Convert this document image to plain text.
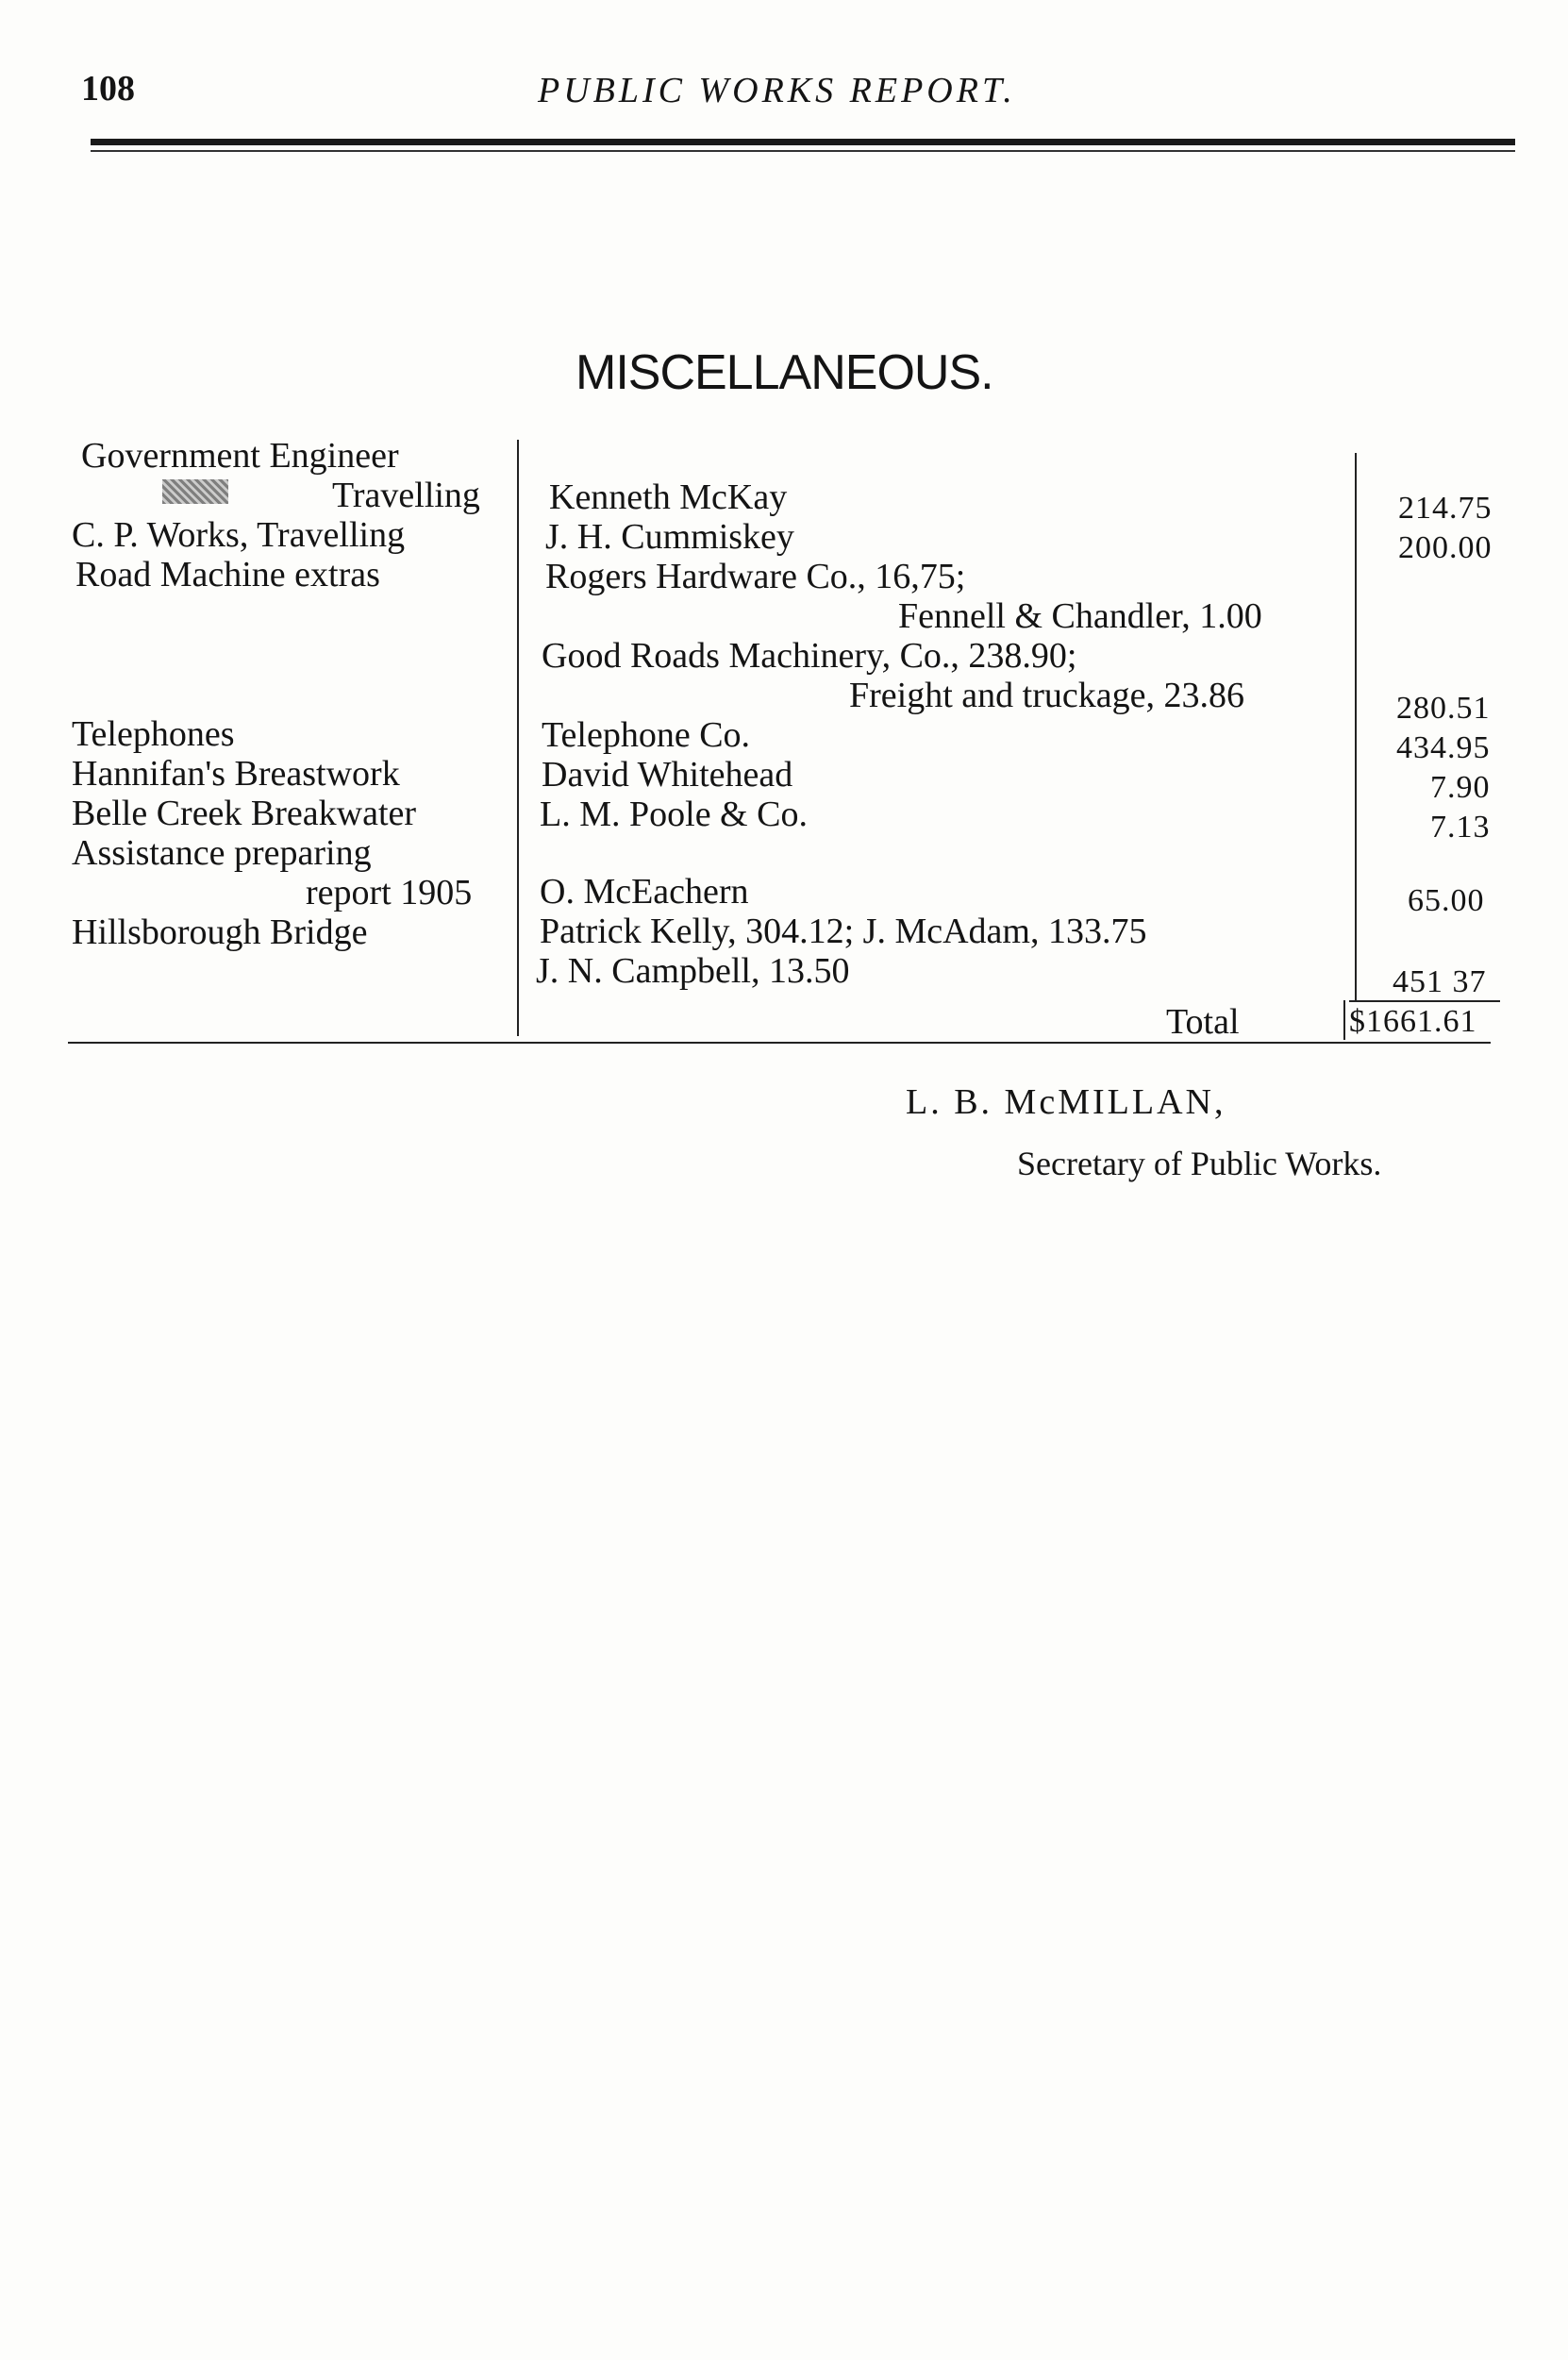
108	PUBLIC WORKS REPORT.
MISCELLANEOUS.
Government Engineer
Travelling
C. P. Works, Travelling
Road Machine extras
Telephones
Hannifan's Breastwork
Belle Creek Breakwater
Assistance preparing
report 1905
Hillsborough Bridge
Kenneth McKay
J. H. Cummiskey
Rogers Hardware Co., 16,75;
Fennell & Chandler, 1.00
Good Roads Machinery, Co., 238.90;
Freight and truckage, 23.86
Telephone Co.
David Whitehead
L. M. Poole & Co.
O. McEachern
Patrick Kelly, 304.12; J. McAdam, 133.75
J. N. Campbell, 13.50
214.75
200.00
280.51
434.95
7.90
7.13
65.00
451 37
Total	$1661.61
L. B. McMILLAN,
Secretary of Public Works.
